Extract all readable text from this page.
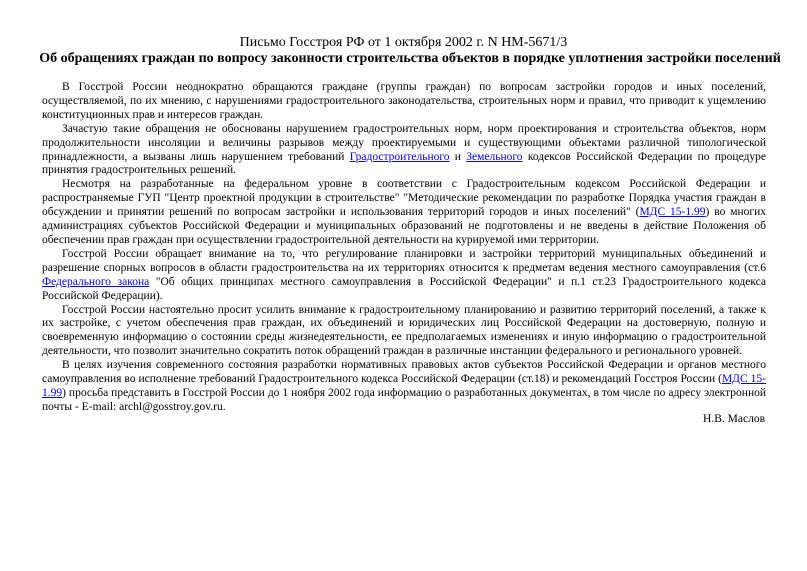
Письмо Госстроя РФ от 1 октября 2002 г. N НМ-5671/3
Об обращениях граждан по вопросу законности строительства объектов в порядке уплотнения застройки поселений

В Госстрой России неоднократно обращаются граждане (группы граждан) по вопросам застройки городов и иных поселений, осуществляемой, по их мнению, с нарушениями градостроительного законодательства, строительных норм и правил, что приводит к ущемлению конституционных прав и интересов граждан.

Зачастую такие обращения не обоснованы нарушением градостроительных норм, норм проектирования и строительства объектов, норм продолжительности инсоляции и величины разрывов между проектируемыми и существующими объектами различной типологической принадлежности, а вызваны лишь нарушением требований Градостроительного и Земельного кодексов Российской Федерации по процедуре принятия градостроительных решений.

Несмотря на разработанные на федеральном уровне в соответствии с Градостроительным кодексом Российской Федерации и распространяемые ГУП "Центр проектной продукции в строительстве" "Методические рекомендации по разработке Порядка участия граждан в обсуждении и принятии решений по вопросам застройки и использования территорий городов и иных поселений" (МДС 15-1.99) во многих администрациях субъектов Российской Федерации и муниципальных образований не подготовлены и не введены в действие Положения об обеспечении прав граждан при осуществлении градостроительной деятельности на курируемой ими территории.

Госстрой России обращает внимание на то, что регулирование планировки и застройки территорий муниципальных объединений и разрешение спорных вопросов в области градостроительства на их территориях относится к предметам ведения местного самоуправления (ст.6 Федерального закона "Об общих принципах местного самоуправления в Российской Федерации" и п.1 ст.23 Градостроительного кодекса Российской Федерации).

Госстрой России настоятельно просит усилить внимание к градостроительному планированию и развитию территорий поселений, а также к их застройке, с учетом обеспечения прав граждан, их объединений и юридических лиц Российской Федерации на достоверную, полную и своевременную информацию о состоянии среды жизнедеятельности, ее предполагаемых изменениях и иную информацию о градостроительной деятельности, что позволит значительно сократить поток обращений граждан в различные инстанции федерального и регионального уровней.

В целях изучения современного состояния разработки нормативных правовых актов субъектов Российской Федерации и органов местного самоуправления во исполнение требований Градостроительного кодекса Российской Федерации (ст.18) и рекомендаций Госстроя России (МДС 15-1.99) просьба представить в Госстрой России до 1 ноября 2002 года информацию о разработанных документах, в том числе по адресу электронной почты - E-mail: archl@gosstroy.gov.ru.

Н.В. Маслов
